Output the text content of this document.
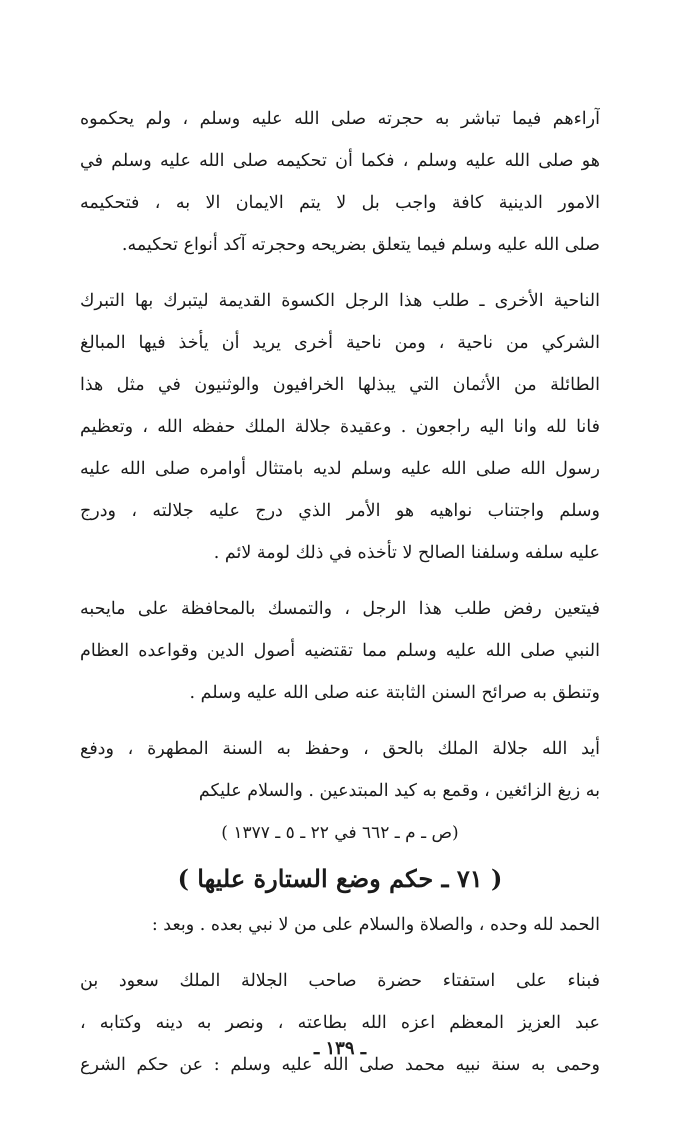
آراءهم فيما تباشر به حجرته صلى الله عليه وسلم ، ولم يحكموه
هو صلى الله عليه وسلم ، فكما أن تحكيمه صلى الله عليه وسلم في
الامور الدينية كافة واجب بل لا يتم الايمان الا به ، فتحكيمه
صلى الله عليه وسلم فيما يتعلق بضريحه وحجرته آكد أنواع تحكيمه.
الناحية الأخرى ـ طلب هذا الرجل الكسوة القديمة ليتبرك بها التبرك
الشركي من ناحية ، ومن ناحية أخرى يريد أن يأخذ فيها المبالغ
الطائلة من الأثمان التي يبذلها الخرافيون والوثنيون في مثل هذا
فانا لله وانا اليه راجعون . وعقيدة جلالة الملك حفظه الله ، وتعظيم
رسول الله صلى الله عليه وسلم لديه بامتثال أوامره صلى الله عليه
وسلم واجتناب نواهيه هو الأمر الذي درج عليه جلالته ، ودرج
عليه سلفه وسلفنا الصالح لا تأخذه في ذلك لومة لائم .
فيتعين رفض طلب هذا الرجل ، والتمسك بالمحافظة على مايحبه
النبي صلى الله عليه وسلم مما تقتضيه أصول الدين وقواعده العظام
وتنطق به صرائح السنن الثابتة عنه صلى الله عليه وسلم .
أيد الله جلالة الملك بالحق ، وحفظ به السنة المطهرة ، ودفع
به زيغ الزائغين ، وقمع به كيد المبتدعين . والسلام عليكم
(ص ـ م ـ ٦٦٢ في ٢٢ ـ ٥ ـ ١٣٧٧ )
( ٧١ ـ حكم وضع الستارة عليها )
الحمد لله وحده ، والصلاة والسلام على من لا نبي بعده . وبعد :
فبناء على استفتاء حضرة صاحب الجلالة الملك سعود بن
عبد العزيز المعظم اعزه الله بطاعته ، ونصر به دينه وكتابه ،
وحمى به سنة نبيه محمد صلى الله عليه وسلم : عن حكم الشرع
ـ ١٣٩ ـ
